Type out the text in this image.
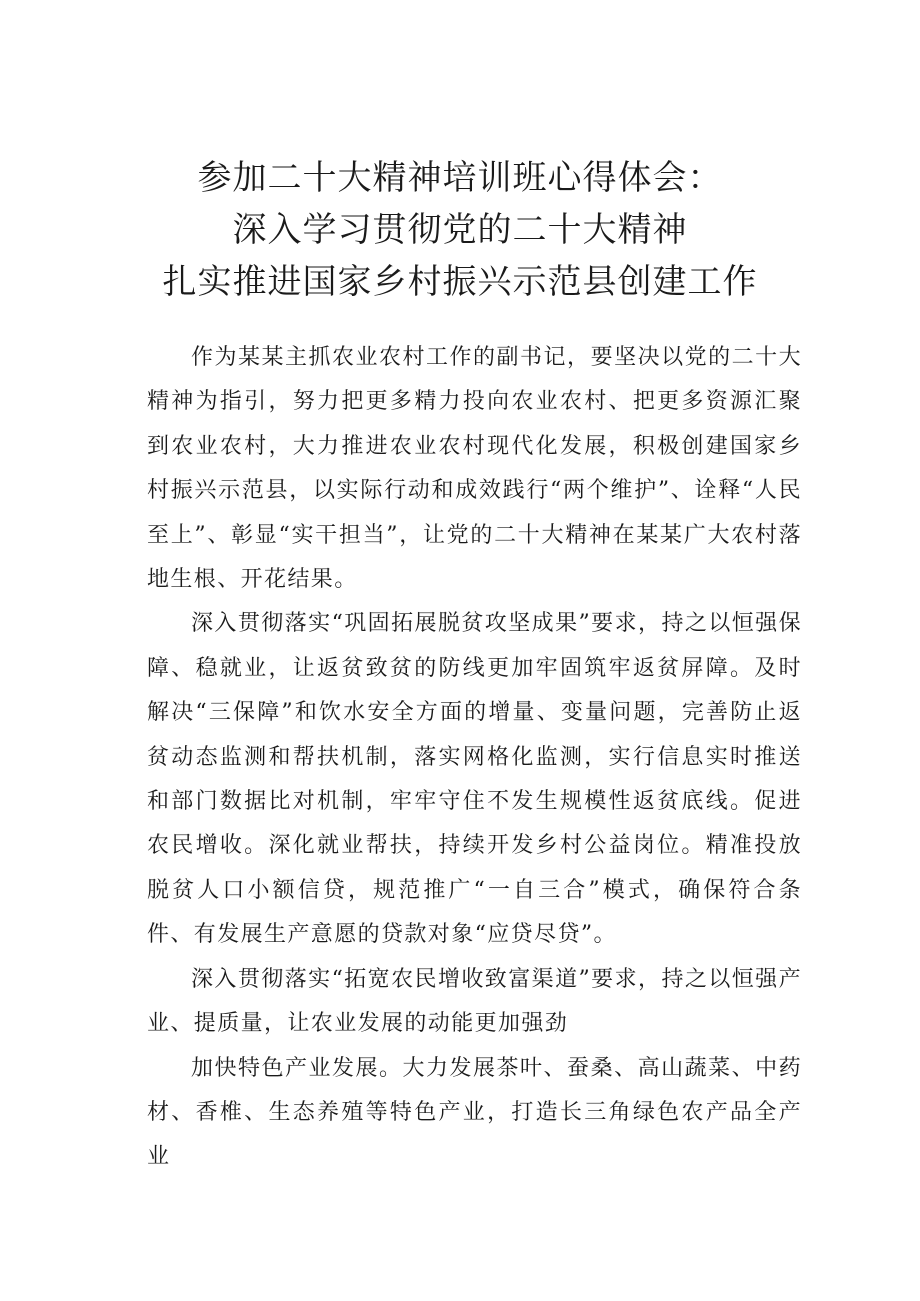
参加二十大精神培训班心得体会：
深入学习贯彻党的二十大精神
扎实推进国家乡村振兴示范县创建工作

作为某某主抓农业农村工作的副书记，要坚决以党的二十大精神为指引，努力把更多精力投向农业农村、把更多资源汇聚到农业农村，大力推进农业农村现代化发展，积极创建国家乡村振兴示范县，以实际行动和成效践行“两个维护”、诠释“人民至上”、彰显“实干担当”，让党的二十大精神在某某广大农村落地生根、开花结果。

深入贯彻落实“巩固拓展脱贫攻坚成果”要求，持之以恒强保障、稳就业，让返贫致贫的防线更加牢固筑牢返贫屏障。及时解决“三保障”和饮水安全方面的增量、变量问题，完善防止返贫动态监测和帮扶机制，落实网格化监测，实行信息实时推送和部门数据比对机制，牢牢守住不发生规模性返贫底线。促进农民增收。深化就业帮扶，持续开发乡村公益岗位。精准投放脱贫人口小额信贷，规范推广“一自三合”模式，确保符合条件、有发展生产意愿的贷款对象“应贷尽贷”。

深入贯彻落实“拓宽农民增收致富渠道”要求，持之以恒强产业、提质量，让农业发展的动能更加强劲

加快特色产业发展。大力发展茶叶、蚕桑、高山蔬菜、中药材、香椎、生态养殖等特色产业，打造长三角绿色农产品全产业
